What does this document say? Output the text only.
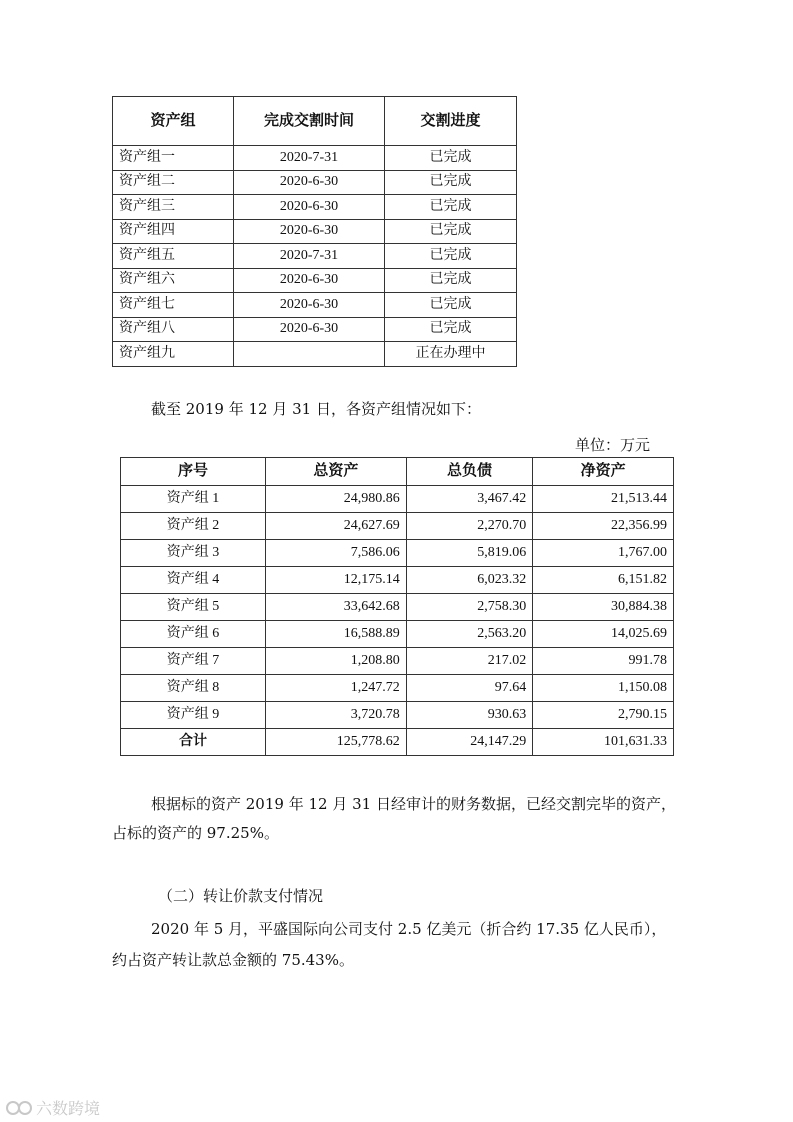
资产组	完成交割时间	交割进度
资产组一	2020-7-31	已完成
资产组二	2020-6-30	已完成
资产组三	2020-6-30	已完成
资产组四	2020-6-30	已完成
资产组五	2020-7-31	已完成
资产组六	2020-6-30	已完成
资产组七	2020-6-30	已完成
资产组八	2020-6-30	已完成
资产组九		正在办理中
截至 2019 年 12 月 31 日，各资产组情况如下：
单位：万元
序号	总资产	总负债	净资产
资产组 1	24,980.86	3,467.42	21,513.44
资产组 2	24,627.69	2,270.70	22,356.99
资产组 3	7,586.06	5,819.06	1,767.00
资产组 4	12,175.14	6,023.32	6,151.82
资产组 5	33,642.68	2,758.30	30,884.38
资产组 6	16,588.89	2,563.20	14,025.69
资产组 7	1,208.80	217.02	991.78
资产组 8	1,247.72	97.64	1,150.08
资产组 9	3,720.78	930.63	2,790.15
合计	125,778.62	24,147.29	101,631.33
根据标的资产 2019 年 12 月 31 日经审计的财务数据，已经交割完毕的资产，
占标的资产的 97.25%。
（二）转让价款支付情况
2020 年 5 月，平盛国际向公司支付 2.5 亿美元（折合约 17.35 亿人民币），
约占资产转让款总金额的 75.43%。
六数跨境
